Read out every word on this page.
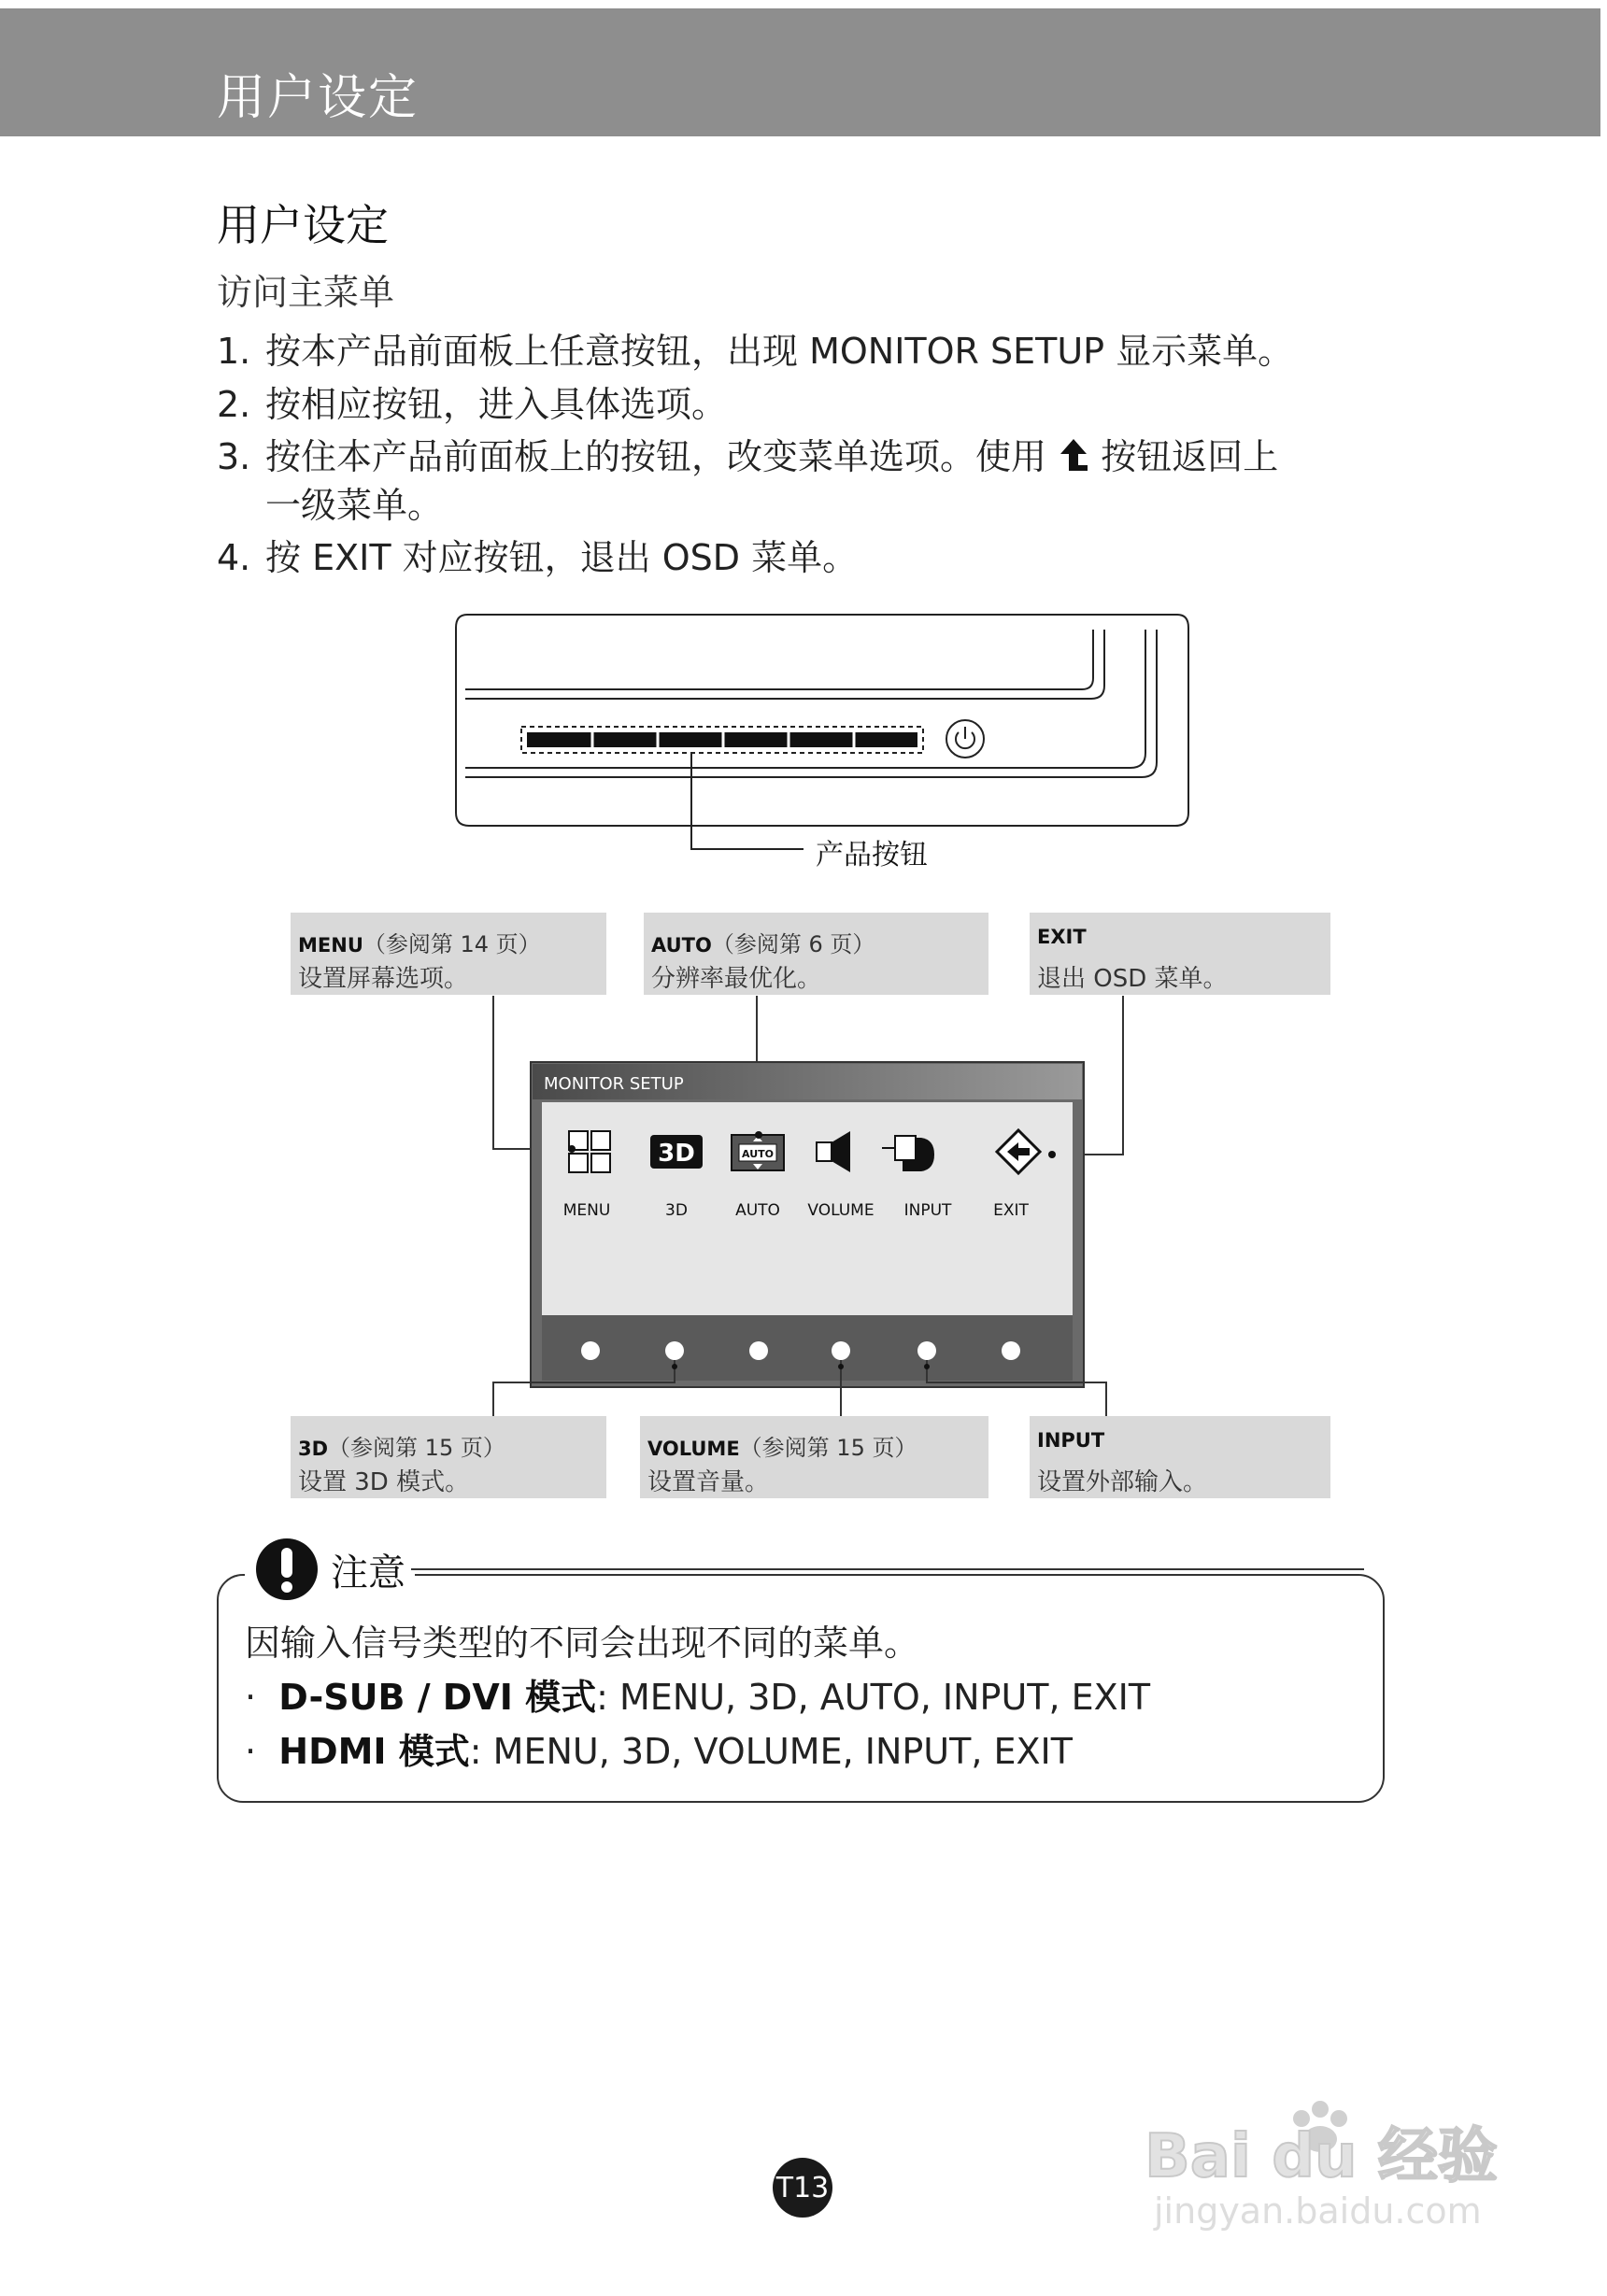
用户设定
用户设定
访问主菜单
1. 按本产品前面板上任意按钮，出现 MONITOR SETUP 显示菜单。
2. 按相应按钮，进入具体选项。
3. 按住本产品前面板上的按钮，改变菜单选项。使用 按钮返回上
一级菜单。
4. 按 EXIT 对应按钮，退出 OSD 菜单。
产品按钮
MENU（参阅第 14 页）
设置屏幕选项。
AUTO（参阅第 6 页）
分辨率最优化。
EXIT
退出 OSD 菜单。
MONITOR SETUP
3D	AUTO
MENU	3D	AUTO VOLUME INPUT	EXIT
3D（参阅第 15 页）
设置 3D 模式。
VOLUME（参阅第 15 页）
设置音量。
INPUT
设置外部输入。
注意
因输入信号类型的不同会出现不同的菜单。
· D-SUB / DVI 模式: MENU, 3D, AUTO, INPUT, EXIT
· HDMI 模式: MENU, 3D, VOLUME, INPUT, EXIT
T13	Bai du 经验
jingyan.baidu.com
